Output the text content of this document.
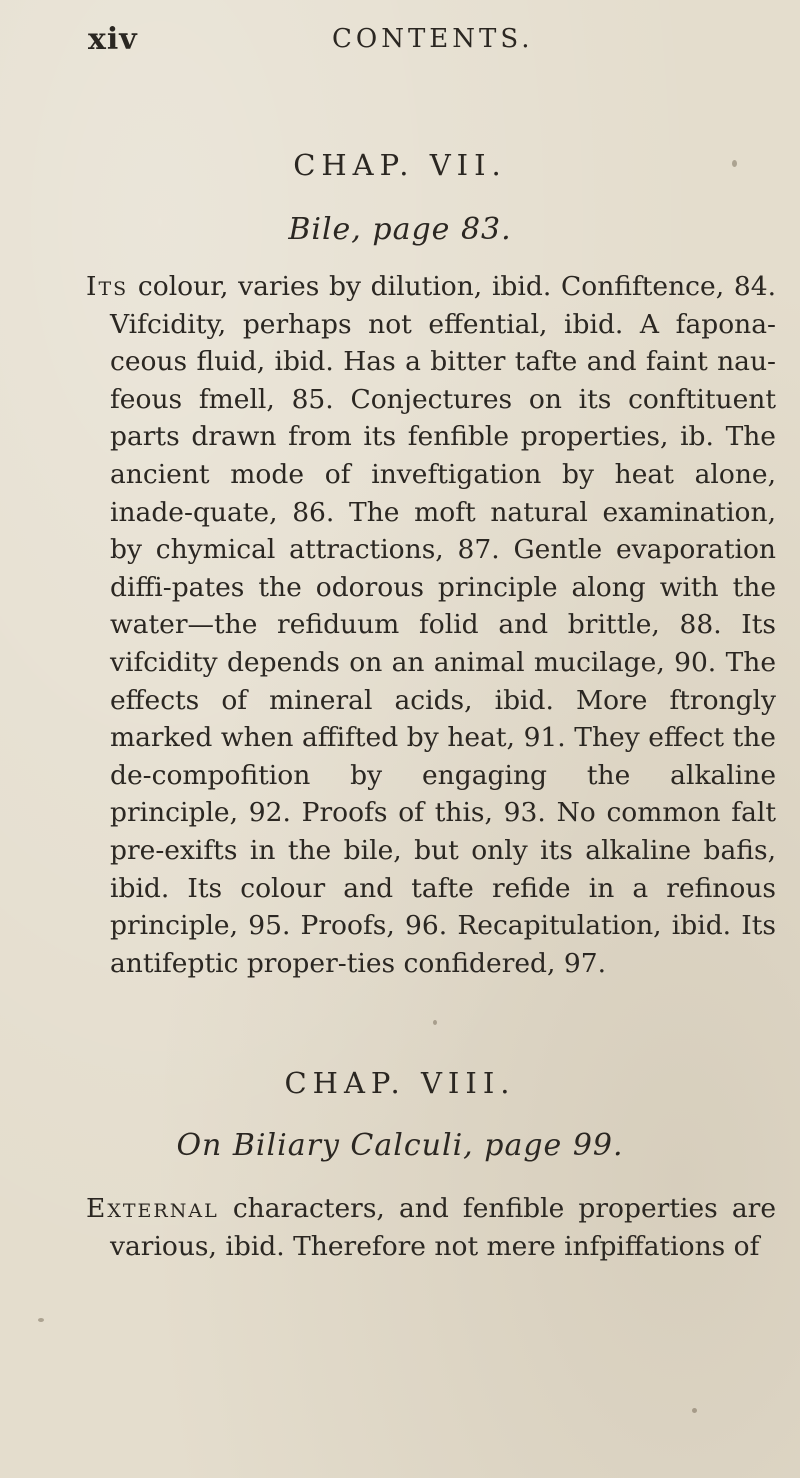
xiv	CONTENTS.
CHAP. VII.
Bile, page 83.
Its colour, varies by dilution, ibid. Confiftence, 84. Vifcidity, perhaps not effential, ibid. A fapona-ceous fluid, ibid. Has a bitter tafte and faint nau-feous fmell, 85. Conjectures on its conftituent parts drawn from its fenfible properties, ib. The ancient mode of inveftigation by heat alone, inade-quate, 86. The moft natural examination, by chymical attractions, 87. Gentle evaporation diffi-pates the odorous principle along with the water—the refiduum folid and brittle, 88. Its vifcidity depends on an animal mucilage, 90. The effects of mineral acids, ibid. More ftrongly marked when affifted by heat, 91. They effect the de-compofition by engaging the alkaline principle, 92. Proofs of this, 93. No common falt pre-exifts in the bile, but only its alkaline bafis, ibid. Its colour and tafte refide in a refinous principle, 95. Proofs, 96. Recapitulation, ibid. Its antifeptic proper-ties confidered, 97.
CHAP. VIII.
On Biliary Calculi, page 99.
External characters, and fenfible properties are various, ibid. Therefore not mere infpiffations of
